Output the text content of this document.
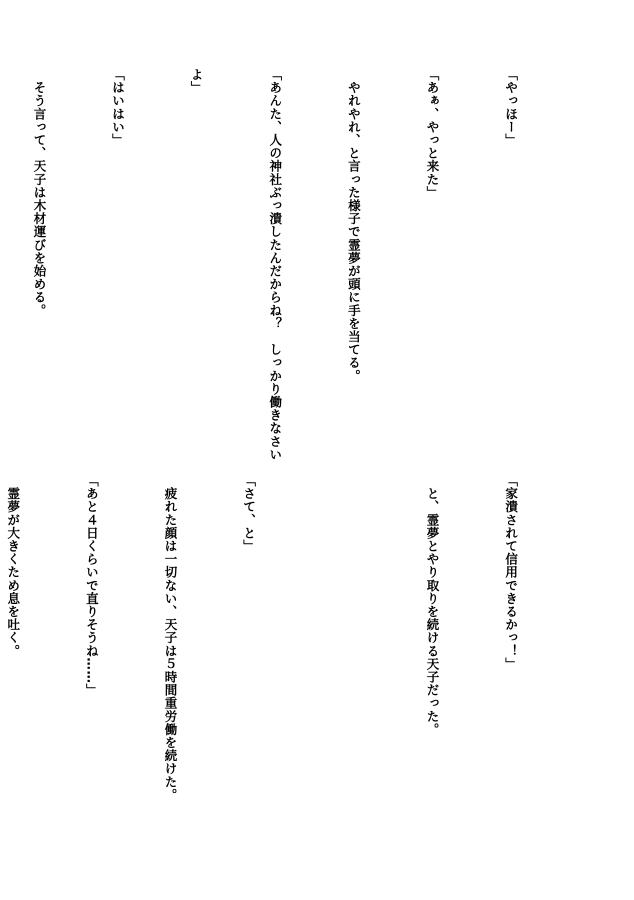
「やっほー」

「あぁ、やっと来た」

　やれやれ、と言った様子で霊夢が頭に手を当てる。

「あんた、人の神社ぶっ潰したんだからね？　しっかり働きなさい

よ」

「はいはい」

　そう言って、天子は木材運びを始める。

「家潰されて信用できるかっ！」

　と、霊夢とやり取りを続ける天子だった。

「さて、と」

　疲れた顔は一切ない、天子は５時間重労働を続けた。

「あと４日くらいで直りそうね……」

　霊夢が大きくため息を吐く。
